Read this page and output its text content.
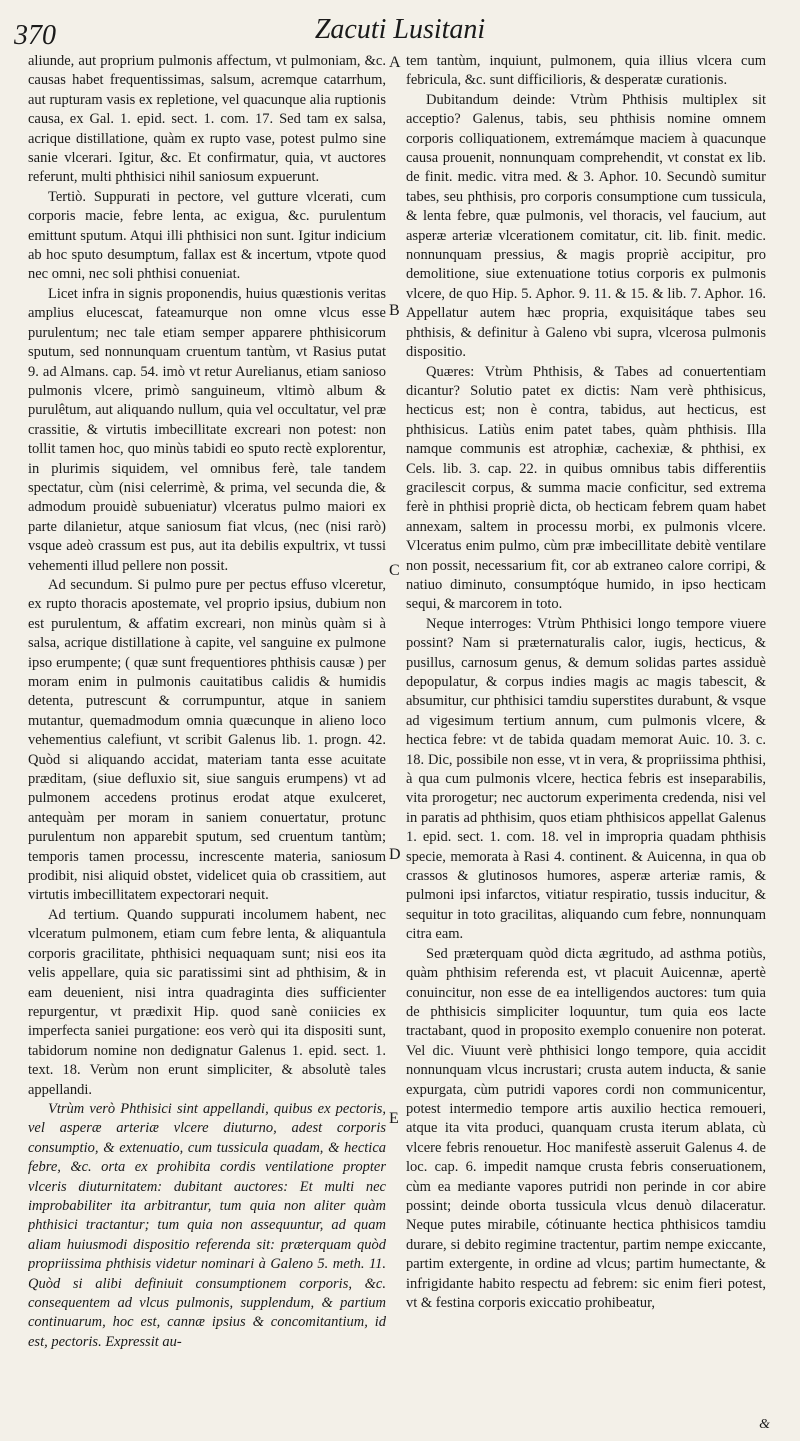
370	Zacuti Lusitani
A
B
C
D
E

aliunde, aut proprium pulmonis affectum, vt pulmoniam, &c. causas habet frequentissimas, salsum, acremque catarrhum, aut rupturam vasis ex repletione, vel quacunque alia ruptionis causa, ex Gal. 1. epid. sect. 1. com. 17. Sed tam ex salsa, acrique distillatione, quàm ex rupto vase, potest pulmo sine sanie vlcerari. Igitur, &c. Et confirmatur, quia, vt auctores referunt, multi phthisici nihil saniosum expuerunt.

Tertiò. Suppurati in pectore, vel gutture vlcerati, cum corporis macie, febre lenta, ac exigua, &c. purulentum emittunt sputum. Atqui illi phthisici non sunt. Igitur indicium ab hoc sputo desumptum, fallax est & incertum, vtpote quod nec omni, nec soli phthisi conueniat.

Licet infra in signis proponendis, huius quæstionis veritas amplius elucescat, fateamurque non omne vlcus esse purulentum; nec tale etiam semper apparere phthisicorum sputum, sed nonnunquam cruentum tantùm, vt Rasius putat 9. ad Almans. cap. 54. imò vt retur Aurelianus, etiam sanioso pulmonis vlcere, primò sanguineum, vltimò album & purulêtum, aut aliquando nullum, quia vel occultatur, vel præ crassitie, & virtutis imbecillitate excreari non potest: non tollit tamen hoc, quo minùs tabidi eo sputo rectè explorentur, in plurimis siquidem, vel omnibus ferè, tale tandem spectatur, cùm (nisi celerrimè, & prima, vel secunda die, & admodum prouidè subueniatur) vlceratus pulmo maiori ex parte dilanietur, atque saniosum fiat vlcus, (nec (nisi rarò) vsque adeò crassum est pus, aut ita debilis expultrix, vt tussi vehementi illud pellere non possit.

Ad secundum. Si pulmo pure per pectus effuso vlceretur, ex rupto thoracis apostemate, vel proprio ipsius, dubium non est purulentum, & affatim excreari, non minùs quàm si à salsa, acrique distillatione à capite, vel sanguine ex pulmone ipso erumpente; ( quæ sunt frequentiores phthisis causæ ) per moram enim in pulmonis cauitatibus calidis & humidis detenta, putrescunt & corrumpuntur, atque in saniem mutantur, quemadmodum omnia quæcunque in alieno loco vehementius calefiunt, vt scribit Galenus lib. 1. progn. 42. Quòd si aliquando accidat, materiam tanta esse acuitate præditam, (siue defluxio sit, siue sanguis erumpens) vt ad pulmonem accedens protinus erodat atque exulceret, antequàm per moram in saniem conuertatur, protunc purulentum non apparebit sputum, sed cruentum tantùm; temporis tamen processu, increscente materia, saniosum prodibit, nisi aliquid obstet, videlicet quia ob crassitiem, aut virtutis imbecillitatem expectorari nequit.

Ad tertium. Quando suppurati incolumem habent, nec vlceratum pulmonem, etiam cum febre lenta, & aliquantula corporis gracilitate, phthisici nequaquam sunt; nisi eos ita velis appellare, quia sic paratissimi sint ad phthisim, & in eam deuenient, nisi intra quadraginta dies sufficienter repurgentur, vt prædixit Hip. quod sanè coniicies ex imperfecta saniei purgatione: eos verò qui ita dispositi sunt, tabidorum nomine non dedignatur Galenus 1. epid. sect. 1. text. 18. Verùm non erunt simpliciter, & absolutè tales appellandi.

Vtrùm verò Phthisici sint appellandi, quibus ex pectoris, vel asperæ arteriæ vlcere diuturno, adest corporis consumptio, & extenuatio, cum tussicula quadam, & hectica febre, &c. orta ex prohibita cordis ventilatione propter vlceris diuturnitatem: dubitant auctores: Et multi nec improbabiliter ita arbitrantur, tum quia non aliter quàm phthisici tractantur; tum quia non assequuntur, ad quam aliam huiusmodi dispositio referenda sit: præterquam quòd propriissima phthisis videtur nominari à Galeno 5. meth. 11. Quòd si alibi definiuit consumptionem corporis, &c. consequentem ad vlcus pulmonis, supplendum, & partium continuarum, hoc est, cannæ ipsius & concomitantium, id est, pectoris. Expressit au-

tem tantùm, inquiunt, pulmonem, quia illius vlcera cum febricula, &c. sunt difficilioris, & desperatæ curationis.

Dubitandum deinde: Vtrùm Phthisis multiplex sit acceptio? Galenus, tabis, seu phthisis nomine omnem corporis colliquationem, extremámque maciem à quacunque causa prouenit, nonnunquam comprehendit, vt constat ex lib. de finit. medic. vitra med. & 3. Aphor. 10. Secundò sumitur tabes, seu phthisis, pro corporis consumptione cum tussicula, & lenta febre, quæ pulmonis, vel thoracis, vel faucium, aut asperæ arteriæ vlcerationem comitatur, cit. lib. finit. medic. nonnunquam pressius, & magis propriè accipitur, pro demolitione, siue extenuatione totius corporis ex pulmonis vlcere, de quo Hip. 5. Aphor. 9. 11. & 15. & lib. 7. Aphor. 16. Appellatur autem hæc propria, exquisitáque tabes seu phthisis, & definitur à Galeno vbi supra, vlcerosa pulmonis dispositio.

Quæres: Vtrùm Phthisis, & Tabes ad conuertentiam dicantur? Solutio patet ex dictis: Nam verè phthisicus, hecticus est; non è contra, tabidus, aut hecticus, est phthisicus. Latiùs enim patet tabes, quàm phthisis. Illa namque communis est atrophiæ, cachexiæ, & phthisi, ex Cels. lib. 3. cap. 22. in quibus omnibus tabis differentiis gracilescit corpus, & summa macie conficitur, sed extrema ferè in phthisi propriè dicta, ob hecticam febrem quam habet annexam, saltem in processu morbi, ex pulmonis vlcere. Vlceratus enim pulmo, cùm præ imbecillitate debitè ventilare non possit, necessarium fit, cor ab extraneo calore corripi, & natiuo diminuto, consumptóque humido, in ipso hecticam sequi, & marcorem in toto.

Neque interroges: Vtrùm Phthisici longo tempore viuere possint? Nam si præternaturalis calor, iugis, hecticus, & pusillus, carnosum genus, & demum solidas partes assiduè depopulatur, & corpus indies magis ac magis tabescit, & absumitur, cur phthisici tamdiu superstites durabunt, & vsque ad vigesimum tertium annum, cum pulmonis vlcere, & hectica febre: vt de tabida quadam memorat Auic. 10. 3. c. 18. Dic, possibile non esse, vt in vera, & propriissima phthisi, à qua cum pulmonis vlcere, hectica febris est inseparabilis, vita prorogetur; nec auctorum experimenta credenda, nisi vel in paratis ad phthisim, quos etiam phthisicos appellat Galenus 1. epid. sect. 1. com. 18. vel in impropria quadam phthisis specie, memorata à Rasi 4. continent. & Auicenna, in qua ob crassos & glutinosos humores, asperæ arteriæ ramis, & pulmoni ipsi infarctos, vitiatur respiratio, tussis inducitur, & sequitur in toto gracilitas, aliquando cum febre, nonnunquam citra eam.

Sed præterquam quòd dicta ægritudo, ad asthma potiùs, quàm phthisim referenda est, vt placuit Auicennæ, apertè conuincitur, non esse de ea intelligendos auctores: tum quia de phthisicis simpliciter loquuntur, tum quia eos lacte tractabant, quod in proposito exemplo conuenire non poterat. Vel dic. Viuunt verè phthisici longo tempore, quia accidit nonnunquam vlcus incrustari; crusta autem inducta, & sanie expurgata, cùm putridi vapores cordi non communicentur, potest intermedio tempore artis auxilio hectica remoueri, atque ita vita produci, quanquam crusta iterum ablata, cù vlcere febris renouetur. Hoc manifestè asseruit Galenus 4. de loc. cap. 6. impedit namque crusta febris conseruationem, cùm ea mediante vapores putridi non perinde in cor abire possint; deinde oborta tussicula vlcus denuò dilaceratur. Neque putes mirabile, cótinuante hectica phthisicos tamdiu durare, si debito regimine tractentur, partim nempe exiccante, partim extergente, in ordine ad vlcus; partim humectante, & infrigidante habito respectu ad febrem: sic enim fieri potest, vt & festina corporis exiccatio prohibeatur,

&
